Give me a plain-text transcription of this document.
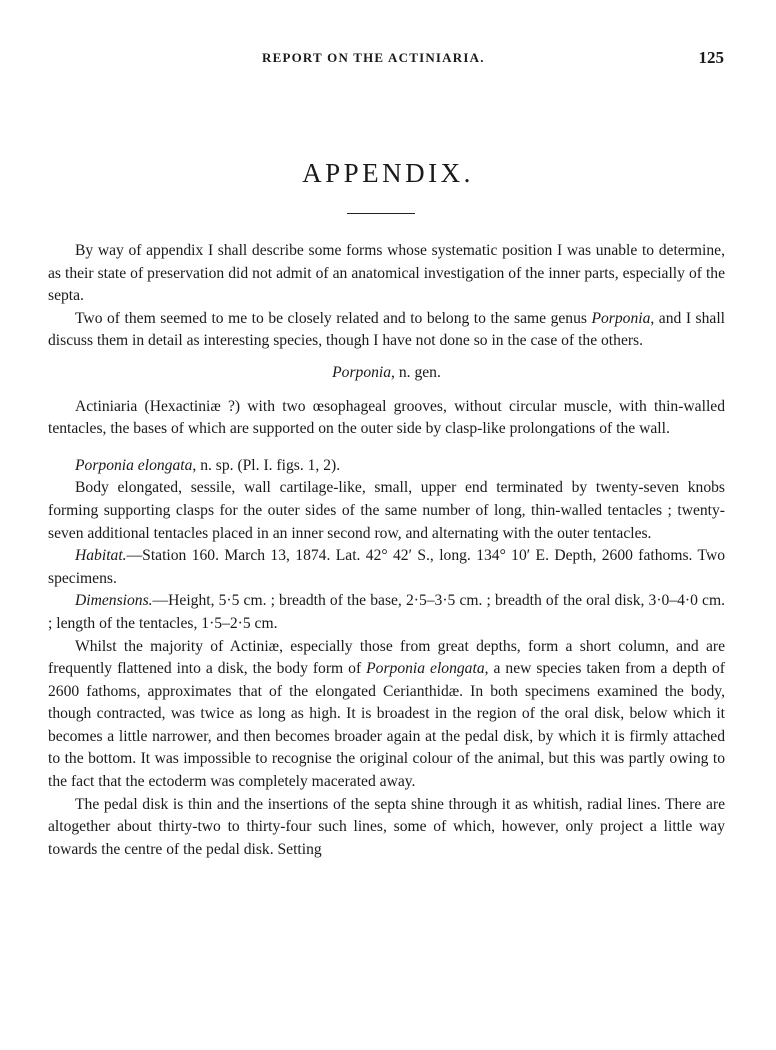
REPORT ON THE ACTINIARIA.	125
APPENDIX.

By way of appendix I shall describe some forms whose systematic position I was unable to determine, as their state of preservation did not admit of an anatomical investigation of the inner parts, especially of the septa.

Two of them seemed to me to be closely related and to belong to the same genus Porponia, and I shall discuss them in detail as interesting species, though I have not done so in the case of the others.

Porponia, n. gen.

Actiniaria (Hexactiniæ ?) with two œsophageal grooves, without circular muscle, with thin-walled tentacles, the bases of which are supported on the outer side by clasp-like prolongations of the wall.

Porponia elongata, n. sp. (Pl. I. figs. 1, 2).

Body elongated, sessile, wall cartilage-like, small, upper end terminated by twenty-seven knobs forming supporting clasps for the outer sides of the same number of long, thin-walled tentacles ; twenty-seven additional tentacles placed in an inner second row, and alternating with the outer tentacles.

Habitat.—Station 160. March 13, 1874. Lat. 42° 42′ S., long. 134° 10′ E. Depth, 2600 fathoms. Two specimens.

Dimensions.—Height, 5·5 cm. ; breadth of the base, 2·5–3·5 cm. ; breadth of the oral disk, 3·0–4·0 cm. ; length of the tentacles, 1·5–2·5 cm.

Whilst the majority of Actiniæ, especially those from great depths, form a short column, and are frequently flattened into a disk, the body form of Porponia elongata, a new species taken from a depth of 2600 fathoms, approximates that of the elongated Cerianthidæ. In both specimens examined the body, though contracted, was twice as long as high. It is broadest in the region of the oral disk, below which it becomes a little narrower, and then becomes broader again at the pedal disk, by which it is firmly attached to the bottom. It was impossible to recognise the original colour of the animal, but this was partly owing to the fact that the ectoderm was completely macerated away.

The pedal disk is thin and the insertions of the septa shine through it as whitish, radial lines. There are altogether about thirty-two to thirty-four such lines, some of which, however, only project a little way towards the centre of the pedal disk. Setting
